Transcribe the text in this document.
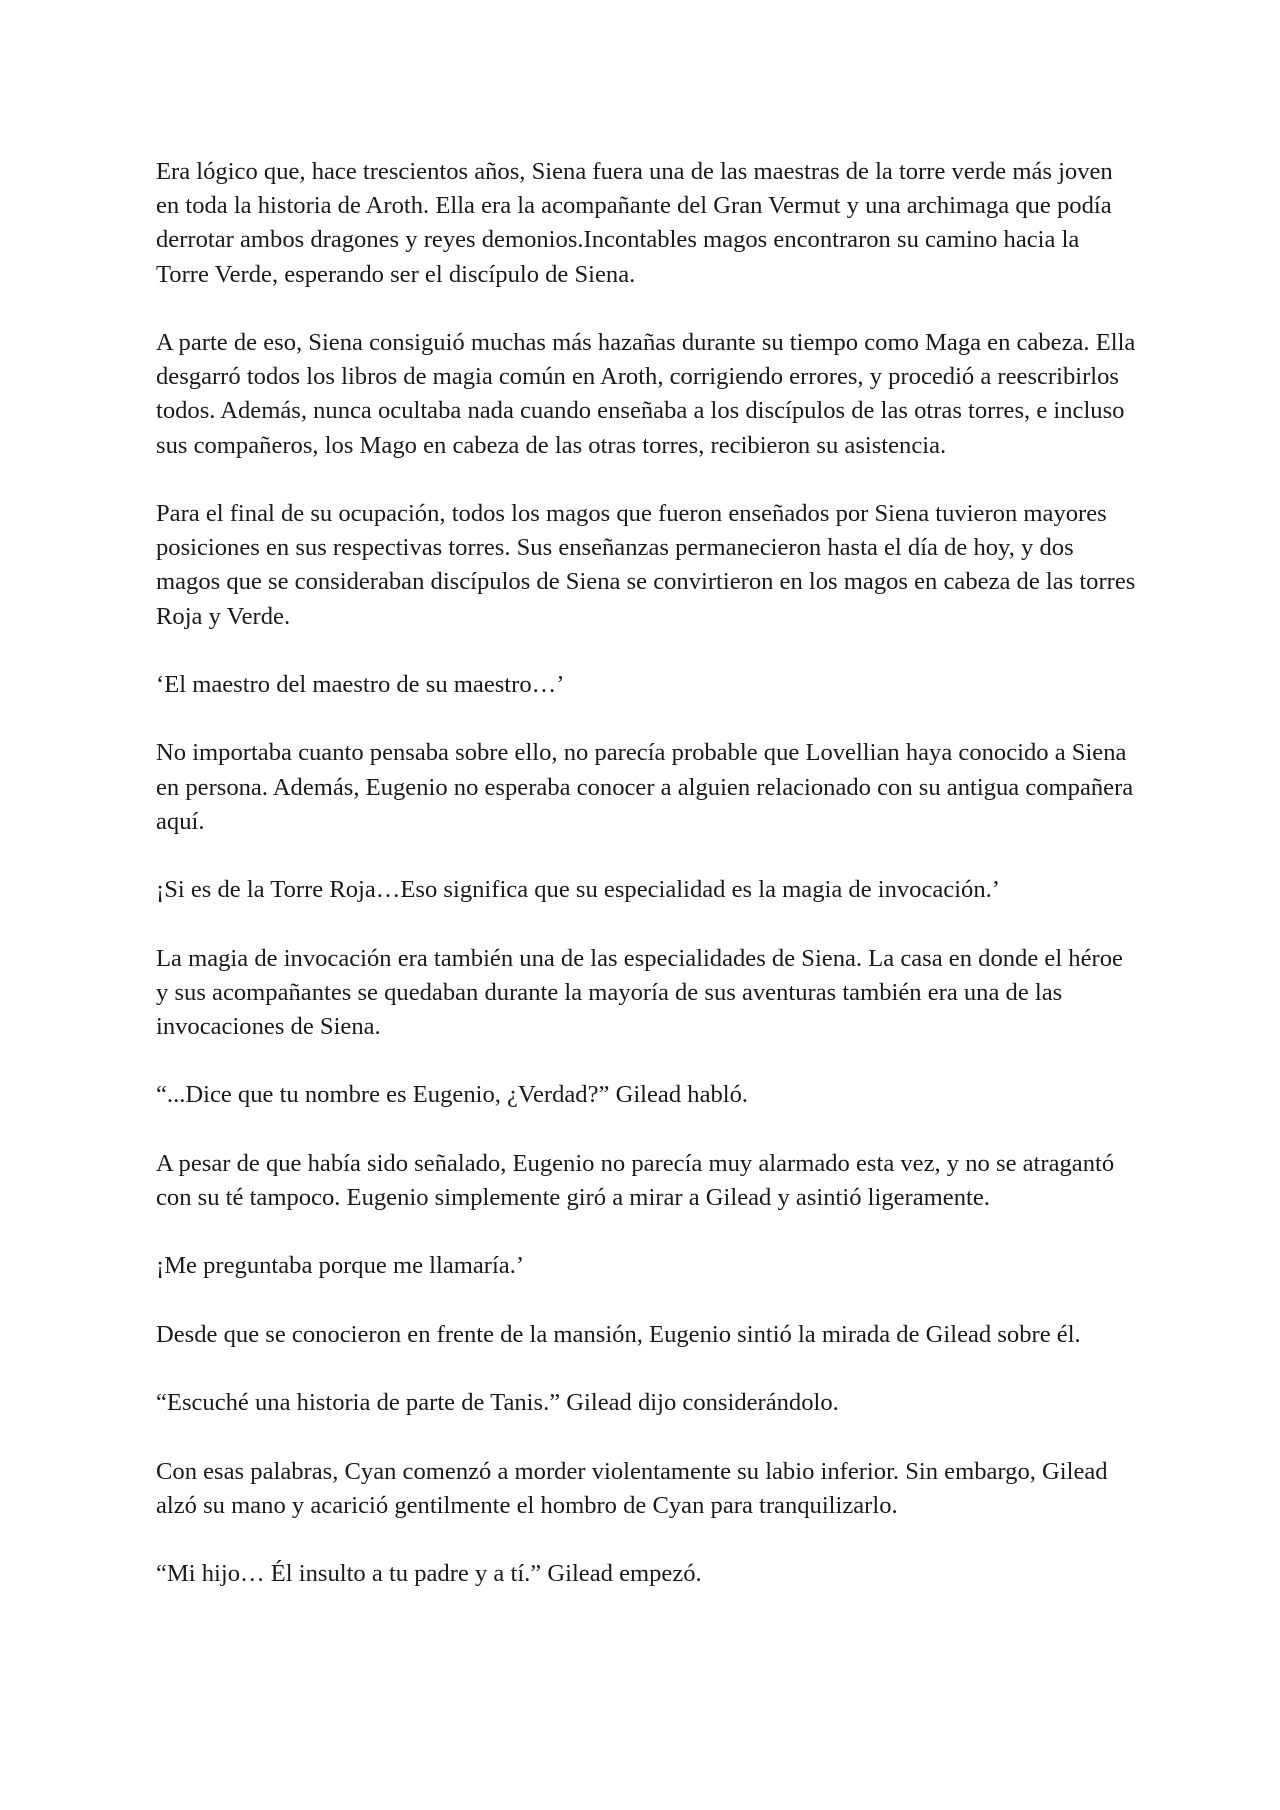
Era lógico que, hace trescientos años, Siena fuera una de las maestras de la torre verde más joven en toda la historia de Aroth. Ella era la acompañante del Gran Vermut y una archimaga que podía derrotar ambos dragones y reyes demonios.Incontables magos encontraron su camino hacia la Torre Verde, esperando ser el discípulo de Siena.

A parte de eso, Siena consiguió muchas más hazañas durante su tiempo como Maga en cabeza. Ella desgarró todos los libros de magia común en Aroth, corrigiendo errores, y procedió a reescribirlos todos. Además, nunca ocultaba nada cuando enseñaba a los discípulos de las otras torres, e incluso sus compañeros, los Mago en cabeza de las otras torres, recibieron su asistencia.

Para el final de su ocupación, todos los magos que fueron enseñados por Siena tuvieron mayores posiciones en sus respectivas torres. Sus enseñanzas permanecieron hasta el día de hoy, y dos magos que se consideraban discípulos de Siena se convirtieron en los magos en cabeza de las torres Roja y Verde.

‘El maestro del maestro de su maestro…’

No importaba cuanto pensaba sobre ello, no parecía probable que Lovellian haya conocido a Siena en persona. Además, Eugenio no esperaba conocer a alguien relacionado con su antigua compañera aquí.

¡Si es de la Torre Roja…Eso significa que su especialidad es la magia de invocación.’

La magia de invocación era también una de las especialidades de Siena. La casa en donde el héroe y sus acompañantes se quedaban durante la mayoría de sus aventuras también era una de las invocaciones de Siena.

“...Dice que tu nombre es Eugenio, ¿Verdad?” Gilead habló.

A pesar de que había sido señalado, Eugenio no parecía muy alarmado esta vez, y no se atragantó con su té tampoco. Eugenio simplemente giró a mirar a Gilead y asintió ligeramente.

¡Me preguntaba porque me llamaría.’

Desde que se conocieron en frente de la mansión, Eugenio sintió la mirada de Gilead sobre él.

“Escuché una historia de parte de Tanis.” Gilead dijo considerándolo.

Con esas palabras, Cyan comenzó a morder violentamente su labio inferior. Sin embargo, Gilead alzó su mano y acarició gentilmente el hombro de Cyan para tranquilizarlo.

“Mi hijo… Él insulto a tu padre y a tí.” Gilead empezó.
